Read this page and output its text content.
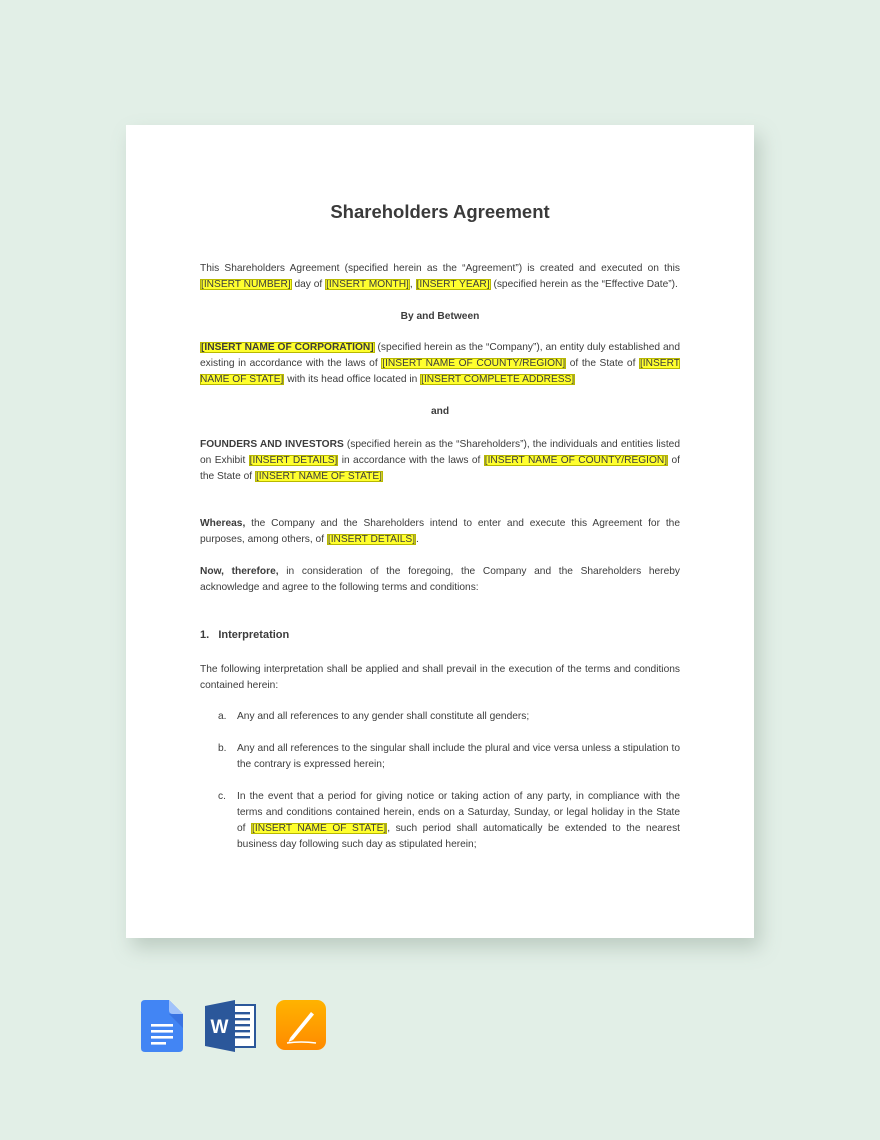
Shareholders Agreement
This Shareholders Agreement (specified herein as the “Agreement”) is created and executed on this [INSERT NUMBER] day of [INSERT MONTH], [INSERT YEAR] (specified herein as the “Effective Date”).
By and Between
[INSERT NAME OF CORPORATION] (specified herein as the “Company”), an entity duly established and existing in accordance with the laws of [INSERT NAME OF COUNTY/REGION] of the State of [INSERT NAME OF STATE] with its head office located in [INSERT COMPLETE ADDRESS]
and
FOUNDERS AND INVESTORS (specified herein as the “Shareholders”), the individuals and entities listed on Exhibit [INSERT DETAILS] in accordance with the laws of [INSERT NAME OF COUNTY/REGION] of the State of [INSERT NAME OF STATE]
Whereas, the Company and the Shareholders intend to enter and execute this Agreement for the purposes, among others, of [INSERT DETAILS].
Now, therefore, in consideration of the foregoing, the Company and the Shareholders hereby acknowledge and agree to the following terms and conditions:
1.   Interpretation
The following interpretation shall be applied and shall prevail in the execution of the terms and conditions contained herein:
a.	Any and all references to any gender shall constitute all genders;
b.	Any and all references to the singular shall include the plural and vice versa unless a stipulation to the contrary is expressed herein;
c.	In the event that a period for giving notice or taking action of any party, in compliance with the terms and conditions contained herein, ends on a Saturday, Sunday, or legal holiday in the State of [INSERT NAME OF STATE], such period shall automatically be extended to the nearest business day following such day as stipulated herein;
W
